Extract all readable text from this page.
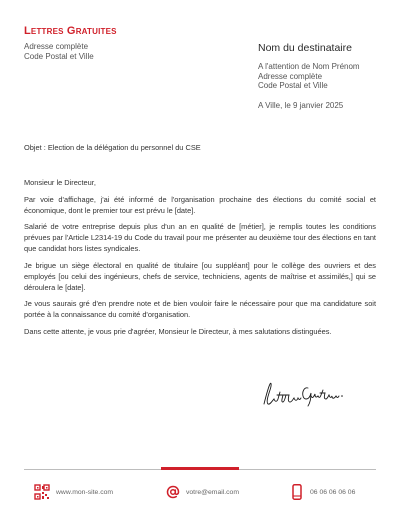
Lettres Gratuites
Adresse complète
Code Postal et Ville
Nom du destinataire
A l'attention de Nom Prénom
Adresse complète
Code Postal et Ville
A Ville, le 9 janvier 2025
Objet : Election de la délégation du personnel du CSE

Monsieur le Directeur,

Par voie d'affichage, j'ai été informé de l'organisation prochaine des élections du comité social et économique, dont le premier tour est prévu le [date].

Salarié de votre entreprise depuis plus d'un an en qualité de [métier], je remplis toutes les conditions prévues par l'Article L2314-19 du Code du travail pour me présenter au deuxième tour des élections en tant que candidat hors listes syndicales.

Je brigue un siège électoral en qualité de titulaire [ou suppléant] pour le collège des ouvriers et des employés [ou celui des ingénieurs, chefs de service, techniciens, agents de maîtrise et assimilés,] qui se déroulera le [date].

Je vous saurais gré d'en prendre note et de bien vouloir faire le nécessaire pour que ma candidature soit portée à la connaissance du comité d'organisation.

Dans cette attente, je vous prie d'agréer, Monsieur le Directeur, à mes salutations distinguées.

www.mon-site.com	votre@email.com	06 06 06 06 06
